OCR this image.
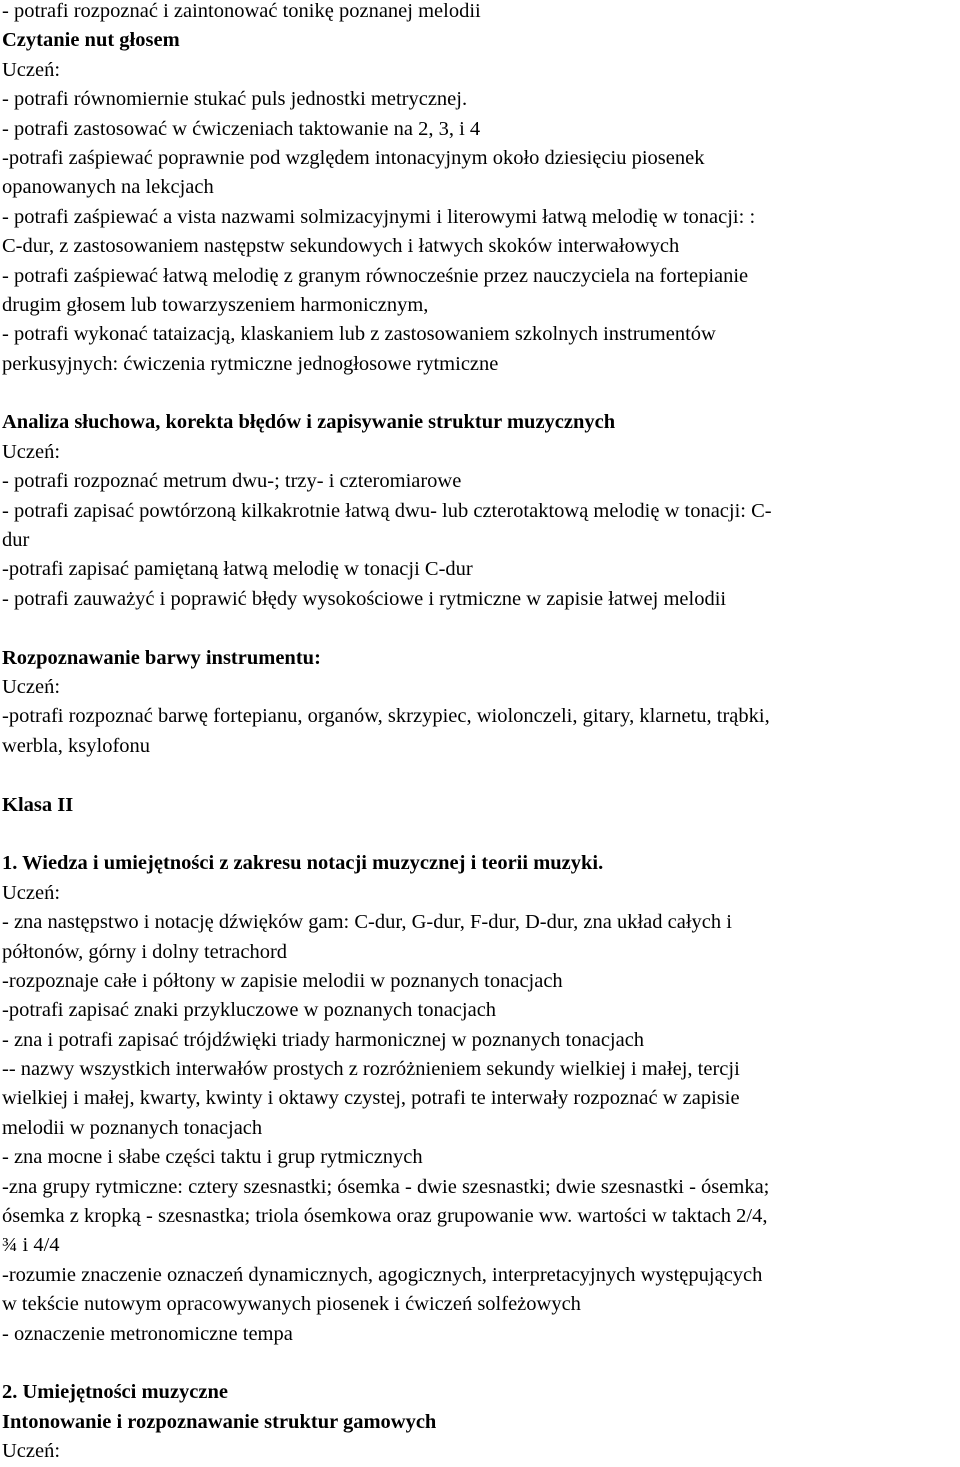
- potrafi rozpoznać i zaintonować tonikę poznanej melodii
Czytanie nut głosem
Uczeń:
- potrafi równomiernie stukać puls jednostki metrycznej.
- potrafi zastosować w ćwiczeniach taktowanie na 2, 3, i 4
-potrafi zaśpiewać poprawnie pod względem intonacyjnym około dziesięciu piosenek
opanowanych na lekcjach
- potrafi zaśpiewać a vista nazwami solmizacyjnymi i literowymi łatwą melodię w tonacji: :
C-dur, z zastosowaniem następstw sekundowych i łatwych skoków interwałowych
- potrafi zaśpiewać łatwą melodię z granym równocześnie przez nauczyciela na fortepianie
drugim głosem lub towarzyszeniem harmonicznym,
- potrafi wykonać tataizacją, klaskaniem lub z zastosowaniem szkolnych instrumentów
perkusyjnych: ćwiczenia rytmiczne jednogłosowe rytmiczne
Analiza słuchowa, korekta błędów i zapisywanie struktur muzycznych
Uczeń:
- potrafi rozpoznać metrum dwu-; trzy- i czteromiarowe
- potrafi zapisać powtórzoną kilkakrotnie łatwą dwu- lub czterotaktową melodię w tonacji: C-
dur
-potrafi zapisać pamiętaną łatwą melodię w tonacji C-dur
- potrafi zauważyć i poprawić błędy wysokościowe i rytmiczne w zapisie łatwej melodii
Rozpoznawanie barwy instrumentu:
Uczeń:
-potrafi rozpoznać barwę fortepianu, organów, skrzypiec, wiolonczeli, gitary, klarnetu, trąbki,
werbla, ksylofonu
Klasa II
1. Wiedza i umiejętności z zakresu notacji muzycznej i teorii muzyki.
Uczeń:
- zna następstwo i notację dźwięków gam: C-dur, G-dur, F-dur, D-dur, zna układ całych i
półtonów, górny i dolny tetrachord
-rozpoznaje całe i półtony w zapisie melodii w poznanych tonacjach
-potrafi zapisać znaki przykluczowe w poznanych tonacjach
- zna i potrafi zapisać trójdźwięki triady harmonicznej w poznanych tonacjach
-- nazwy wszystkich interwałów prostych z rozróżnieniem sekundy wielkiej i małej, tercji
wielkiej i małej, kwarty, kwinty i oktawy czystej, potrafi te interwały rozpoznać w zapisie
melodii w poznanych tonacjach
- zna mocne i słabe części taktu i grup rytmicznych
-zna grupy rytmiczne: cztery szesnastki; ósemka - dwie szesnastki; dwie szesnastki - ósemka;
ósemka z kropką - szesnastka; triola ósemkowa oraz grupowanie ww. wartości w taktach 2/4,
¾ i 4/4
-rozumie znaczenie oznaczeń dynamicznych, agogicznych, interpretacyjnych występujących
w tekście nutowym opracowywanych piosenek i ćwiczeń solfeżowych
- oznaczenie metronomiczne tempa
2. Umiejętności muzyczne
Intonowanie i rozpoznawanie struktur gamowych
Uczeń:
